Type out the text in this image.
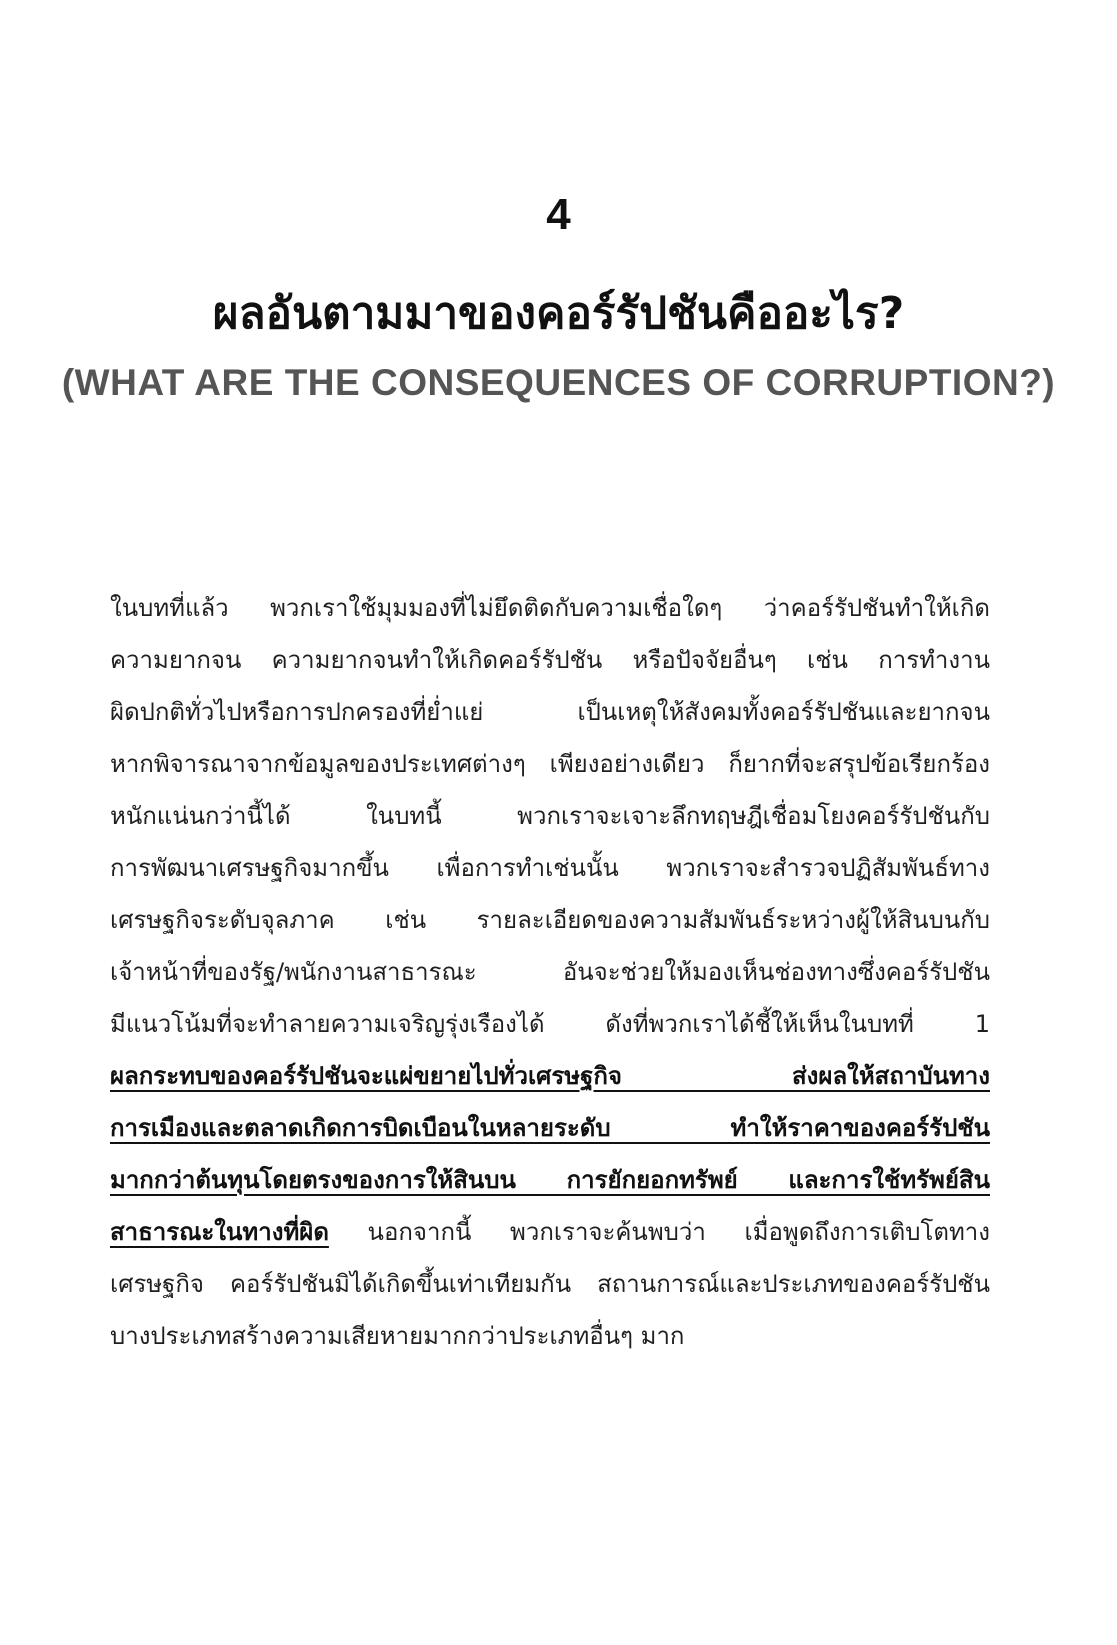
4
ผลอันตามมาของคอร์รัปชันคืออะไร?
(WHAT ARE THE CONSEQUENCES OF CORRUPTION?)
ในบทที่แล้ว พวกเราใช้มุมมองที่ไม่ยึดติดกับความเชื่อใดๆ ว่าคอร์รัปชันทำให้เกิด
ความยากจน ความยากจนทำให้เกิดคอร์รัปชัน หรือปัจจัยอื่นๆ เช่น การทำงาน
ผิดปกติทั่วไปหรือการปกครองที่ย่ำแย่ เป็นเหตุให้สังคมทั้งคอร์รัปชันและยากจน
หากพิจารณาจากข้อมูลของประเทศต่างๆ เพียงอย่างเดียว ก็ยากที่จะสรุปข้อเรียกร้อง
หนักแน่นกว่านี้ได้ ในบทนี้ พวกเราจะเจาะลึกทฤษฎีเชื่อมโยงคอร์รัปชันกับ
การพัฒนาเศรษฐกิจมากขึ้น เพื่อการทำเช่นนั้น พวกเราจะสำรวจปฏิสัมพันธ์ทาง
เศรษฐกิจระดับจุลภาค เช่น รายละเอียดของความสัมพันธ์ระหว่างผู้ให้สินบนกับ
เจ้าหน้าที่ของรัฐ/พนักงานสาธารณะ อันจะช่วยให้มองเห็นช่องทางซึ่งคอร์รัปชัน
มีแนวโน้มที่จะทำลายความเจริญรุ่งเรืองได้ ดังที่พวกเราได้ชี้ให้เห็นในบทที่ 1
ผลกระทบของคอร์รัปชันจะแผ่ขยายไปทั่วเศรษฐกิจ ส่งผลให้สถาบันทาง
การเมืองและตลาดเกิดการบิดเบือนในหลายระดับ ทำให้ราคาของคอร์รัปชัน
มากกว่าต้นทุนโดยตรงของการให้สินบน การยักยอกทรัพย์ และการใช้ทรัพย์สิน
สาธารณะในทางที่ผิด นอกจากนี้ พวกเราจะค้นพบว่า เมื่อพูดถึงการเติบโตทาง
เศรษฐกิจ คอร์รัปชันมิได้เกิดขึ้นเท่าเทียมกัน สถานการณ์และประเภทของคอร์รัปชัน
บางประเภทสร้างความเสียหายมากกว่าประเภทอื่นๆ มาก
